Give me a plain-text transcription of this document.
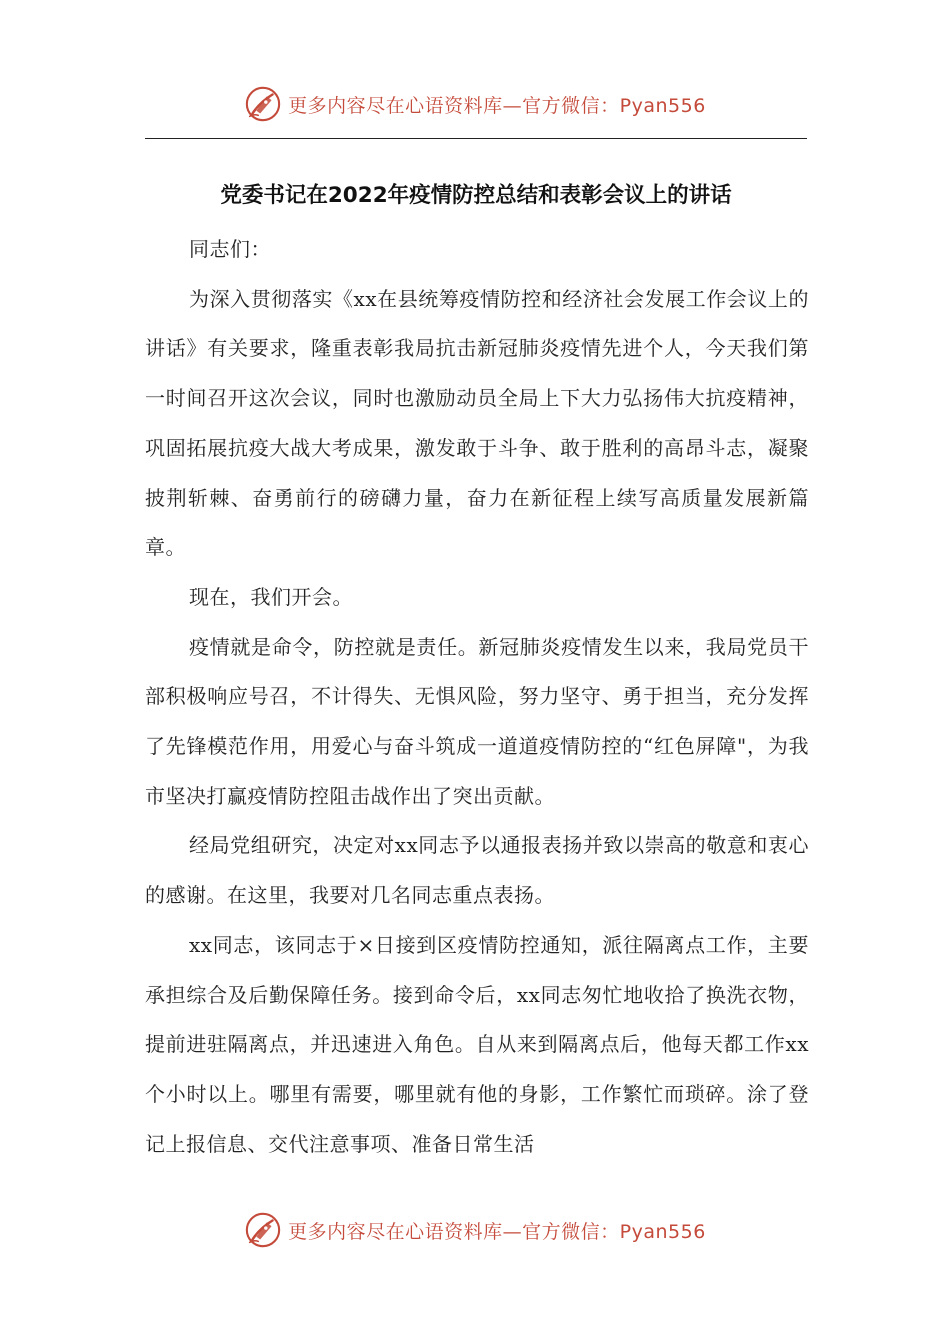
更多内容尽在心语资料库—官方微信：Pyan556
党委书记在2022年疫情防控总结和表彰会议上的讲话

同志们：

为深入贯彻落实《xx在县统筹疫情防控和经济社会发展工作会议上的讲话》有关要求，隆重表彰我局抗击新冠肺炎疫情先进个人，今天我们第一时间召开这次会议，同时也激励动员全局上下大力弘扬伟大抗疫精神，巩固拓展抗疫大战大考成果，激发敢于斗争、敢于胜利的高昂斗志，凝聚披荆斩棘、奋勇前行的磅礴力量，奋力在新征程上续写高质量发展新篇章。

现在，我们开会。

疫情就是命令，防控就是责任。新冠肺炎疫情发生以来，我局党员干部积极响应号召，不计得失、无惧风险，努力坚守、勇于担当，充分发挥了先锋模范作用，用爱心与奋斗筑成一道道疫情防控的“红色屏障"，为我市坚决打赢疫情防控阻击战作出了突出贡献。

经局党组研究，决定对xx同志予以通报表扬并致以崇高的敬意和衷心的感谢。在这里，我要对几名同志重点表扬。

xx同志，该同志于×日接到区疫情防控通知，派往隔离点工作，主要承担综合及后勤保障任务。接到命令后，xx同志匆忙地收拾了换洗衣物，提前进驻隔离点，并迅速进入角色。自从来到隔离点后，他每天都工作xx个小时以上。哪里有需要，哪里就有他的身影，工作繁忙而琐碎。涂了登记上报信息、交代注意事项、准备日常生活

更多内容尽在心语资料库—官方微信：Pyan556
